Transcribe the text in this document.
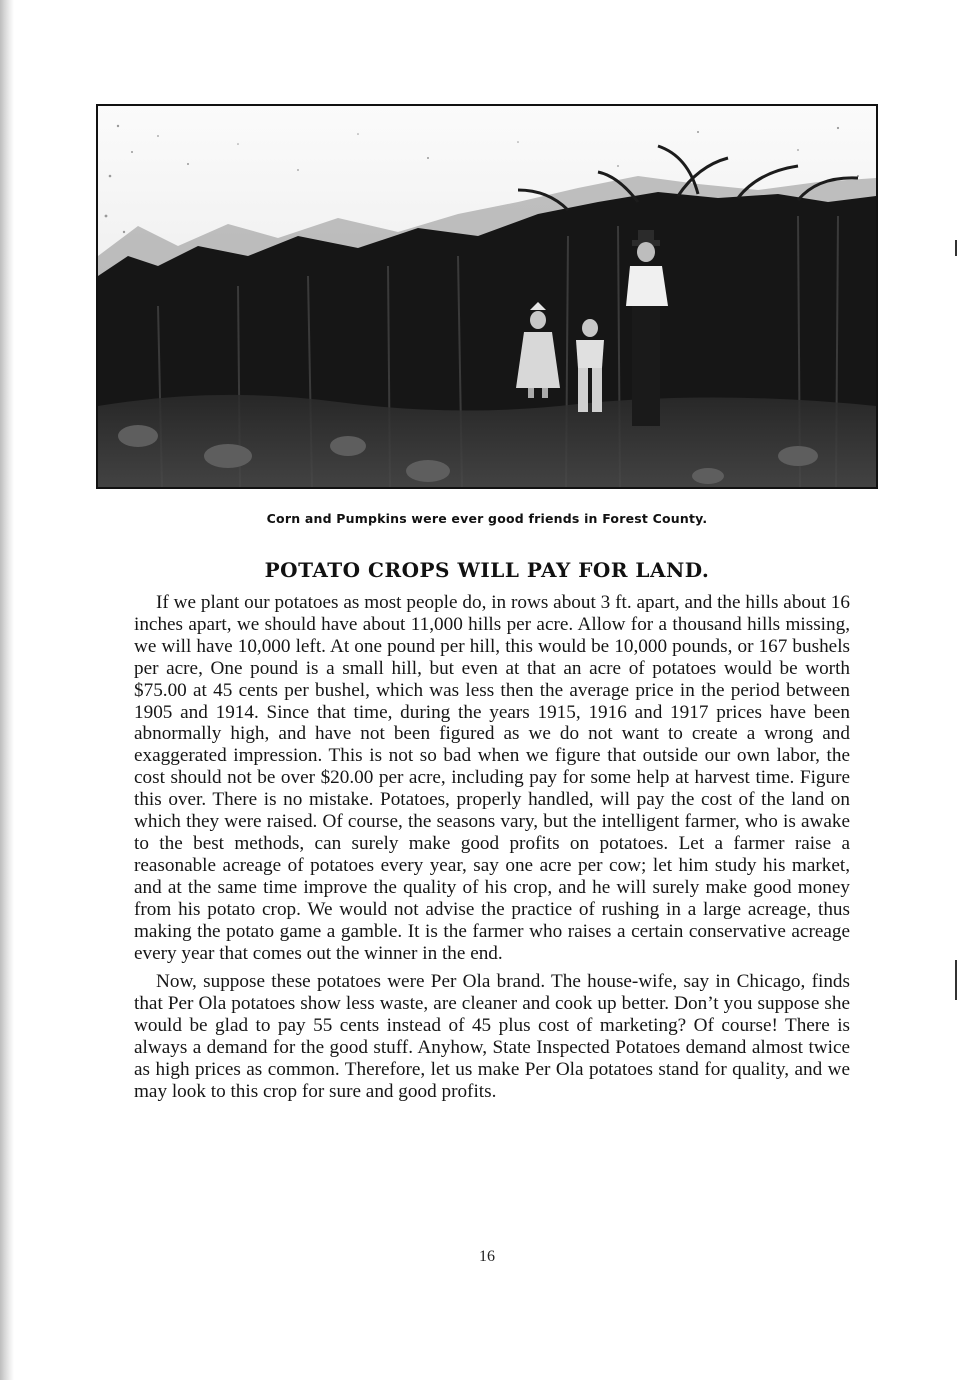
Corn and Pumpkins were ever good friends in Forest County.
POTATO CROPS WILL PAY FOR LAND.

If we plant our potatoes as most people do, in rows about 3 ft. apart, and the hills about 16 inches apart, we should have about 11,000 hills per acre. Allow for a thousand hills missing, we will have 10,000 left. At one pound per hill, this would be 10,000 pounds, or 167 bushels per acre, One pound is a small hill, but even at that an acre of potatoes would be worth $75.00 at 45 cents per bushel, which was less then the average price in the period between 1905 and 1914. Since that time, during the years 1915, 1916 and 1917 prices have been abnormally high, and have not been figured as we do not want to create a wrong and exaggerated impression. This is not so bad when we figure that outside our own labor, the cost should not be over $20.00 per acre, including pay for some help at harvest time. Figure this over. There is no mistake. Potatoes, properly handled, will pay the cost of the land on which they were raised. Of course, the seasons vary, but the intelligent farmer, who is awake to the best methods, can surely make good profits on potatoes. Let a farmer raise a reasonable acreage of potatoes every year, say one acre per cow; let him study his market, and at the same time improve the quality of his crop, and he will surely make good money from his potato crop. We would not advise the practice of rushing in a large acreage, thus making the potato game a gamble. It is the farmer who raises a certain conservative acreage every year that comes out the winner in the end.

Now, suppose these potatoes were Per Ola brand. The house-wife, say in Chicago, finds that Per Ola potatoes show less waste, are cleaner and cook up better. Don’t you suppose she would be glad to pay 55 cents instead of 45 plus cost of marketing? Of course! There is always a demand for the good stuff. Anyhow, State Inspected Potatoes demand almost twice as high prices as common. Therefore, let us make Per Ola potatoes stand for quality, and we may look to this crop for sure and good profits.

16
